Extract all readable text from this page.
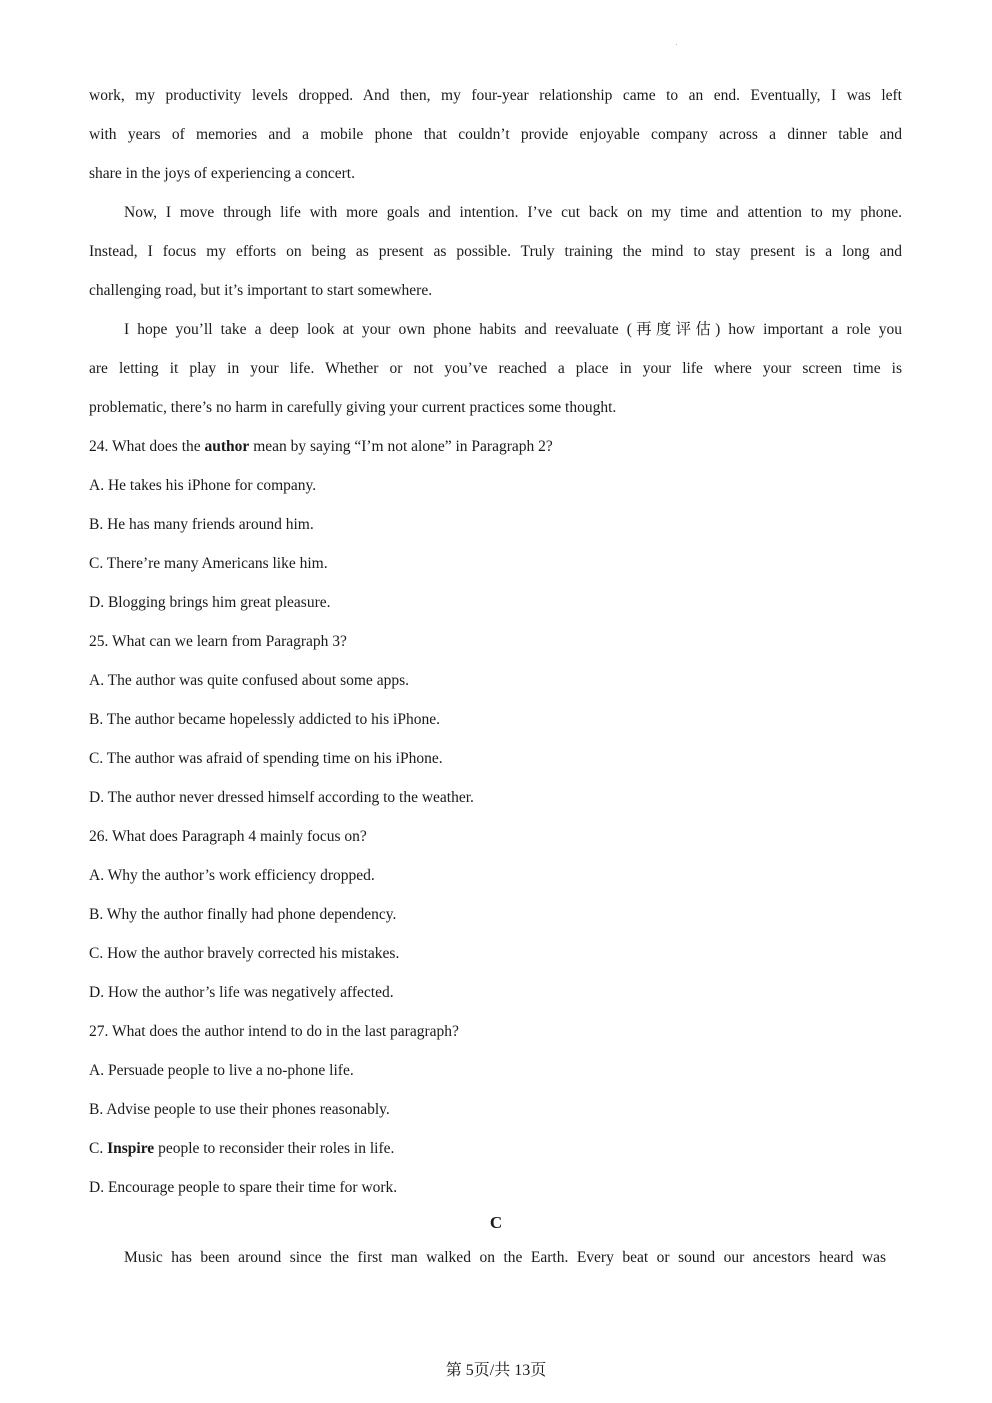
work, my productivity levels dropped. And then, my four-year relationship came to an end. Eventually, I was left
with years of memories and a mobile phone that couldn’t provide enjoyable company across a dinner table and
share in the joys of experiencing a concert.
Now, I move through life with more goals and intention. I’ve cut back on my time and attention to my phone.
Instead, I focus my efforts on being as present as possible. Truly training the mind to stay present is a long and
challenging road, but it’s important to start somewhere.
I hope you’ll take a deep look at your own phone habits and reevaluate (再度评估) how important a role you
are letting it play in your life. Whether or not you’ve reached a place in your life where your screen time is
problematic, there’s no harm in carefully giving your current practices some thought.
24. What does the author mean by saying “I’m not alone” in Paragraph 2?
A. He takes his iPhone for company.
B. He has many friends around him.
C. There’re many Americans like him.
D. Blogging brings him great pleasure.
25. What can we learn from Paragraph 3?
A. The author was quite confused about some apps.
B. The author became hopelessly addicted to his iPhone.
C. The author was afraid of spending time on his iPhone.
D. The author never dressed himself according to the weather.
26. What does Paragraph 4 mainly focus on?
A. Why the author’s work efficiency dropped.
B. Why the author finally had phone dependency.
C. How the author bravely corrected his mistakes.
D. How the author’s life was negatively affected.
27. What does the author intend to do in the last paragraph?
A. Persuade people to live a no-phone life.
B. Advise people to use their phones reasonably.
C. Inspire people to reconsider their roles in life.
D. Encourage people to spare their time for work.
C
Music has been around since the first man walked on the Earth. Every beat or sound our ancestors heard was
第 5页/共 13页
